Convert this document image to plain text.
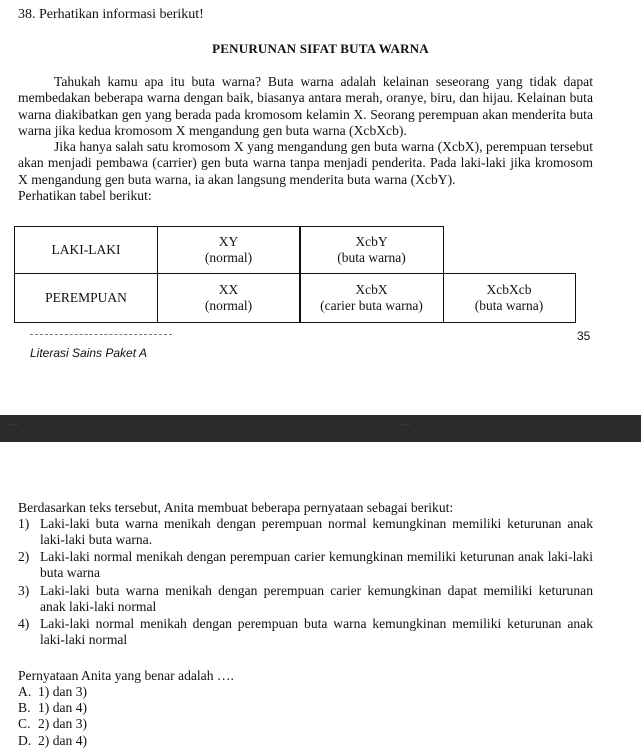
38. Perhatikan informasi berikut!
PENURUNAN SIFAT BUTA WARNA

Tahukah kamu apa itu buta warna? Buta warna adalah kelainan seseorang yang tidak dapat membedakan beberapa warna dengan baik, biasanya antara merah, oranye, biru, dan hijau. Kelainan buta warna diakibatkan gen yang berada pada kromosom kelamin X. Seorang perempuan akan menderita buta warna jika kedua kromosom X mengandung gen buta warna (XcbXcb).

Jika hanya salah satu kromosom X yang mengandung gen buta warna (XcbX), perempuan tersebut akan menjadi pembawa (carrier) gen buta warna tanpa menjadi penderita. Pada laki-laki jika kromosom X mengandung gen buta warna, ia akan langsung menderita buta warna (XcbY).

Perhatikan tabel berikut:

LAKI-LAKI
XY
(normal)
XcbY
(buta warna)
PEREMPUAN
XX
(normal)
XcbX
(carier buta warna)
XcbXcb
(buta warna)
35
Literasi Sains Paket A
...	...
Berdasarkan teks tersebut, Anita membuat beberapa pernyataan sebagai berikut:
1) Laki-laki buta warna menikah dengan perempuan normal kemungkinan memiliki keturunan anak laki-laki buta warna.
2) Laki-laki normal menikah dengan perempuan carier kemungkinan memiliki keturunan anak laki-laki buta warna
3) Laki-laki buta warna menikah dengan perempuan carier kemungkinan dapat memiliki keturunan anak laki-laki normal
4) Laki-laki normal menikah dengan perempuan buta warna kemungkinan memiliki keturunan anak laki-laki normal
Pernyataan Anita yang benar adalah ….
A. 1) dan 3)
B. 1) dan 4)
C. 2) dan 3)
D. 2) dan 4)
